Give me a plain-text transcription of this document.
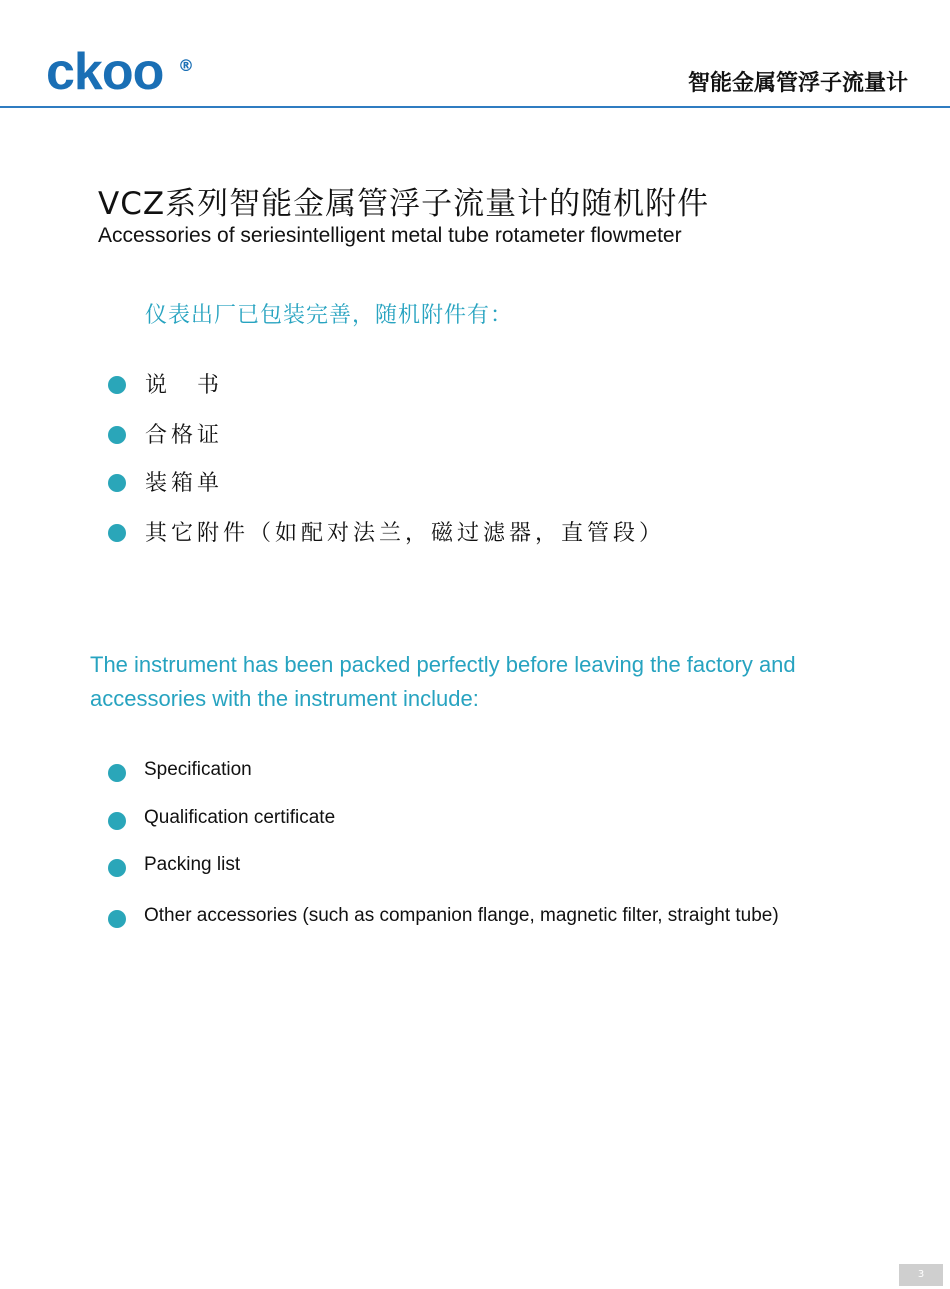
ckoo ®
智能金属管浮子流量计
VCZ系列智能金属管浮子流量计的随机附件
Accessories of seriesintelligent metal tube rotameter flowmeter
仪表出厂已包装完善，随机附件有：
说　书
合格证
装箱单
其它附件（如配对法兰，磁过滤器，直管段）
The instrument has been packed perfectly before leaving the factory and accessories with the instrument include:
Specification
Qualification certificate
Packing list
Other accessories (such as companion flange, magnetic filter, straight tube)
3
